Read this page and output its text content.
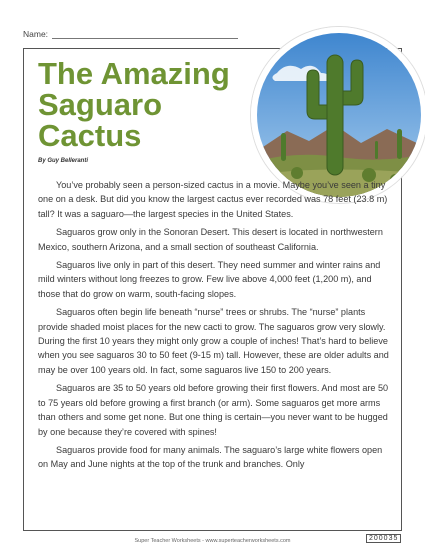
Name:
The Amazing
Saguaro
Cactus
By Guy Belleranti

You’ve probably seen a person-sized cactus in a movie. Maybe you’ve seen a tiny one on a desk. But did you know the largest cactus ever recorded was 78 feet (23.8 m) tall? It was a saguaro—the largest species in the United States.

Saguaros grow only in the Sonoran Desert. This desert is located in northwestern Mexico, southern Arizona, and a small section of southeast California.

Saguaros live only in part of this desert. They need summer and winter rains and mild winters without long freezes to grow. Few live above 4,000 feet (1,200 m), and those that do grow on warm, south-facing slopes.

Saguaros often begin life beneath “nurse” trees or shrubs. The “nurse” plants provide shaded moist places for the new cacti to grow. The saguaros grow very slowly. During the first 10 years they might only grow a couple of inches! That’s hard to believe when you see saguaros 30 to 50 feet (9-15 m) tall. However, these are older adults and may be over 100 years old. In fact, some saguaros live 150 to 200 years.

Saguaros are 35 to 50 years old before growing their first flowers. And most are 50 to 75 years old before growing a first branch (or arm). Some saguaros get more arms than others and some get none. But one thing is certain—you never want to be hugged by one because they’re covered with spines!

Saguaros provide food for many animals. The saguaro’s large white flowers open on May and June nights at the top of the trunk and branches. Only

Super Teacher Worksheets - www.superteacherworksheets.com	200035
